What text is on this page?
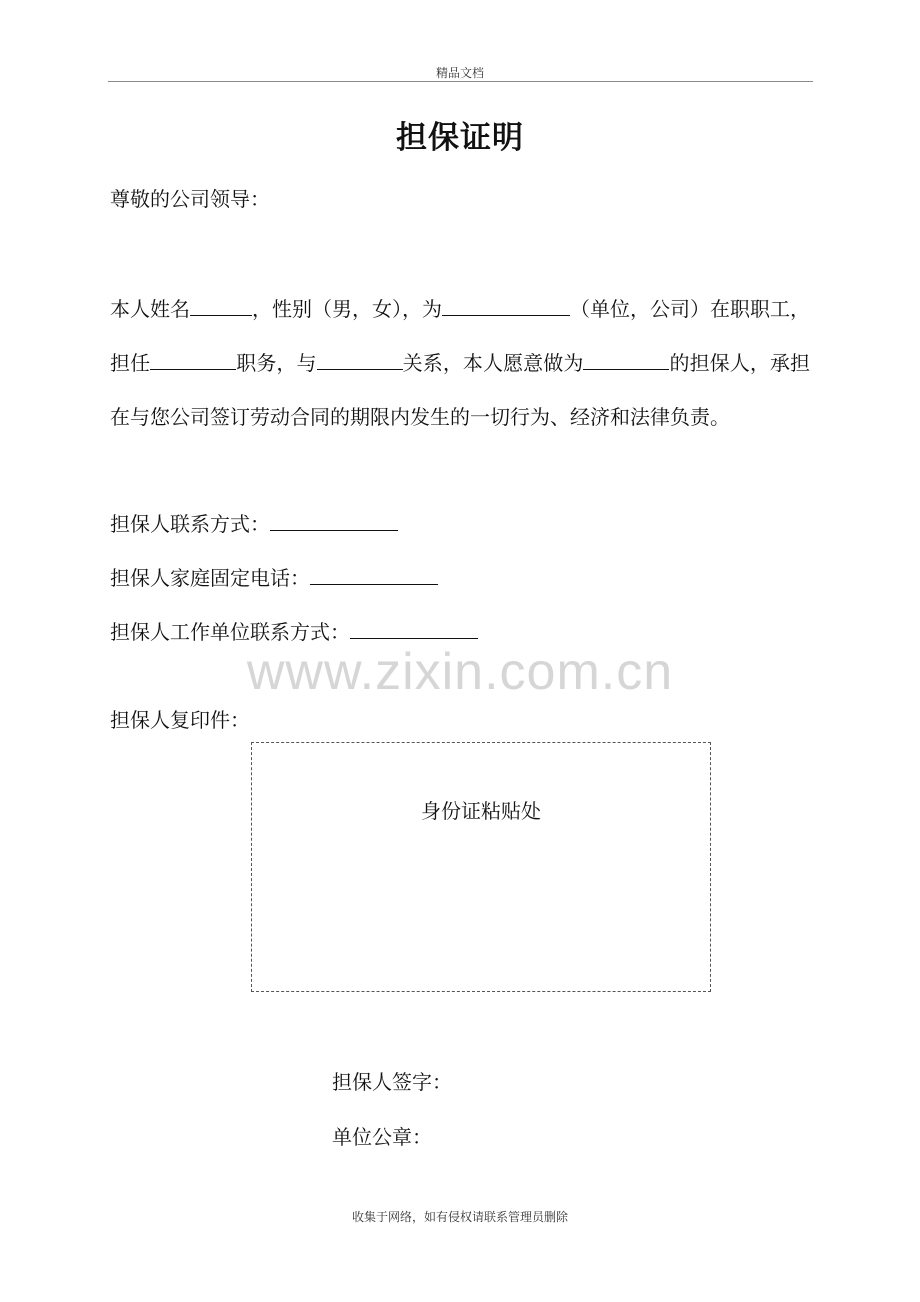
精品文档
担保证明
尊敬的公司领导：
本人姓名	，性别（男，女），为	（单位，公司）在职职工，担任	职务，与	关系，本人愿意做为	的担保人，承担在与您公司签订劳动合同的期限内发生的一切行为、经济和法律负责。
担保人联系方式：
担保人家庭固定电话：
担保人工作单位联系方式：
www.zixin.com.cn
担保人复印件：
身份证粘贴处
担保人签字：
单位公章：
收集于网络，如有侵权请联系管理员删除
